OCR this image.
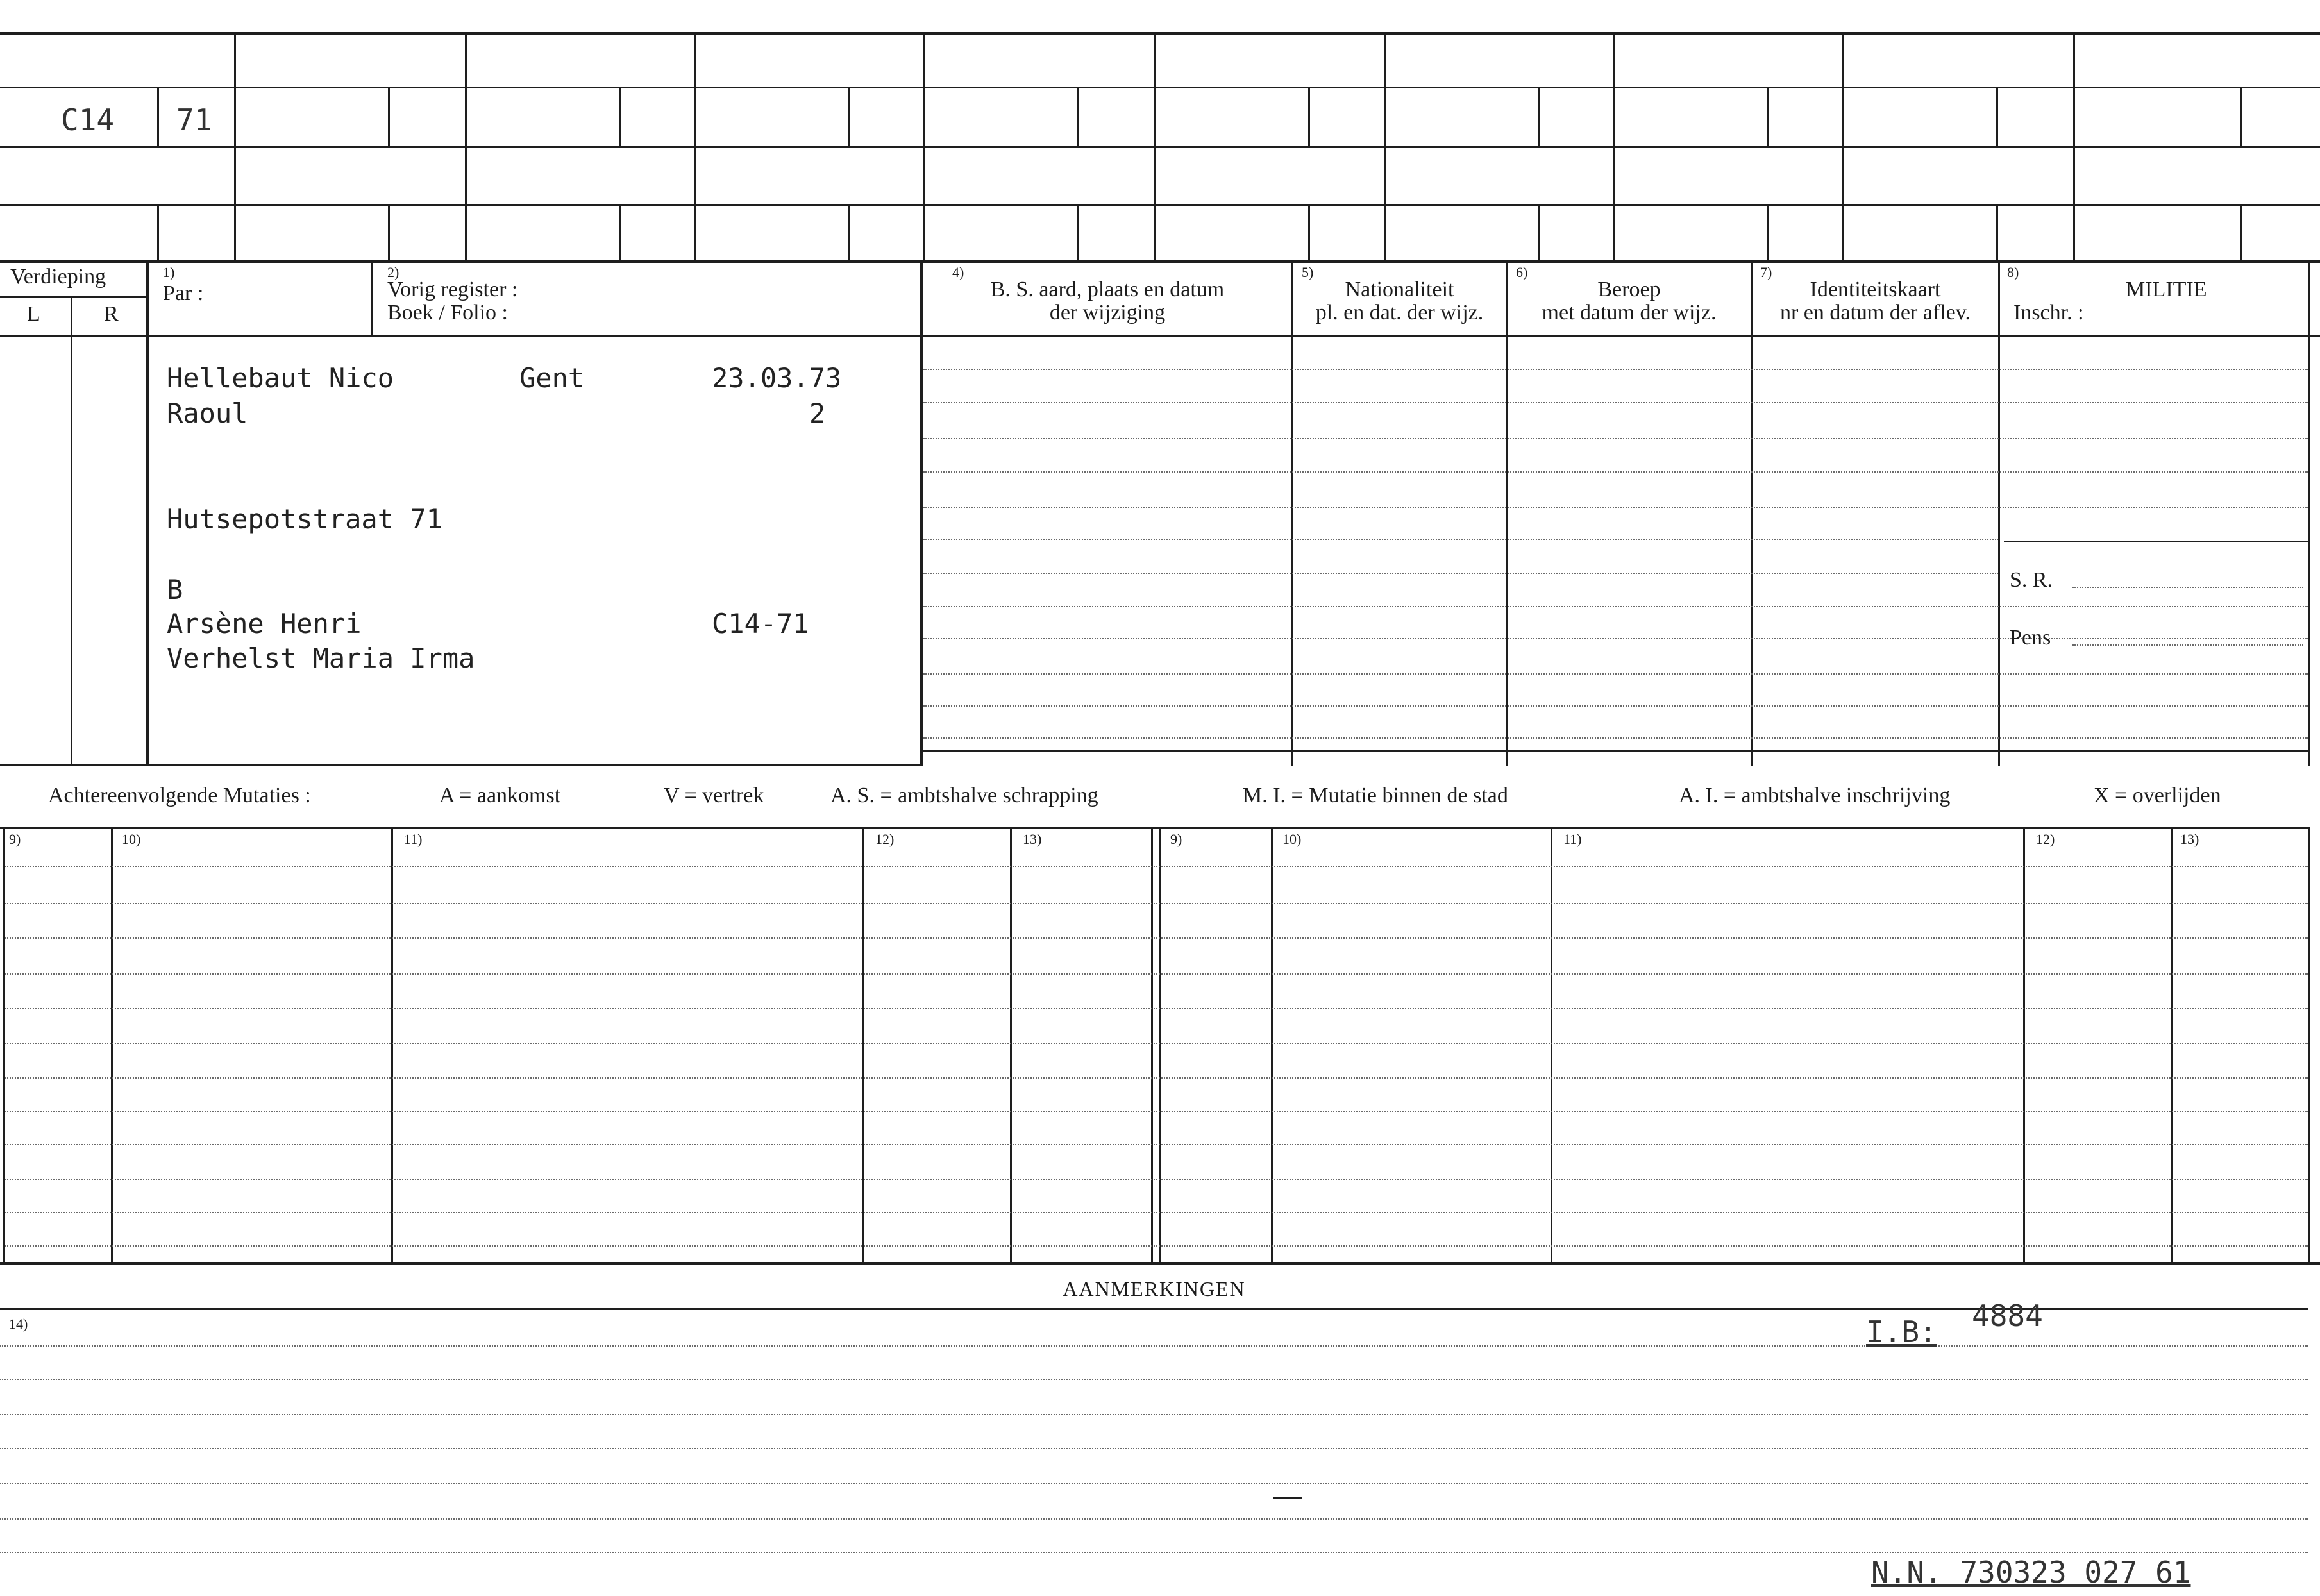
C14 71
Verdieping
L	R
1)
Par :
2)
Vorig register :
Boek / Folio :
4)
B. S. aard, plaats en datum
der wijziging
5)
Nationaliteit
pl. en dat. der wijz.
6)
Beroep
met datum der wijz.
7)
Identiteitskaart
nr en datum der aflev.
8)
MILITIE
Inschr. :
S. R.
Pens
Hellebaut Nico	Gent	23.03.73
Raoul	2
Hutsepotstraat 71
B
Arsène Henri	C14-71
Verhelst Maria Irma
Achtereenvolgende Mutaties :	A = aankomst	V = vertrek	A. S. = ambtshalve schrapping	M. I. = Mutatie binnen de stad	A. I. = ambtshalve inschrijving	X = overlijden
9)	10)	11)	12)	13)	9)	10)	11)	12)	13)
AANMERKINGEN
14)	I.B: 4884
N.N. 730323 027 61
